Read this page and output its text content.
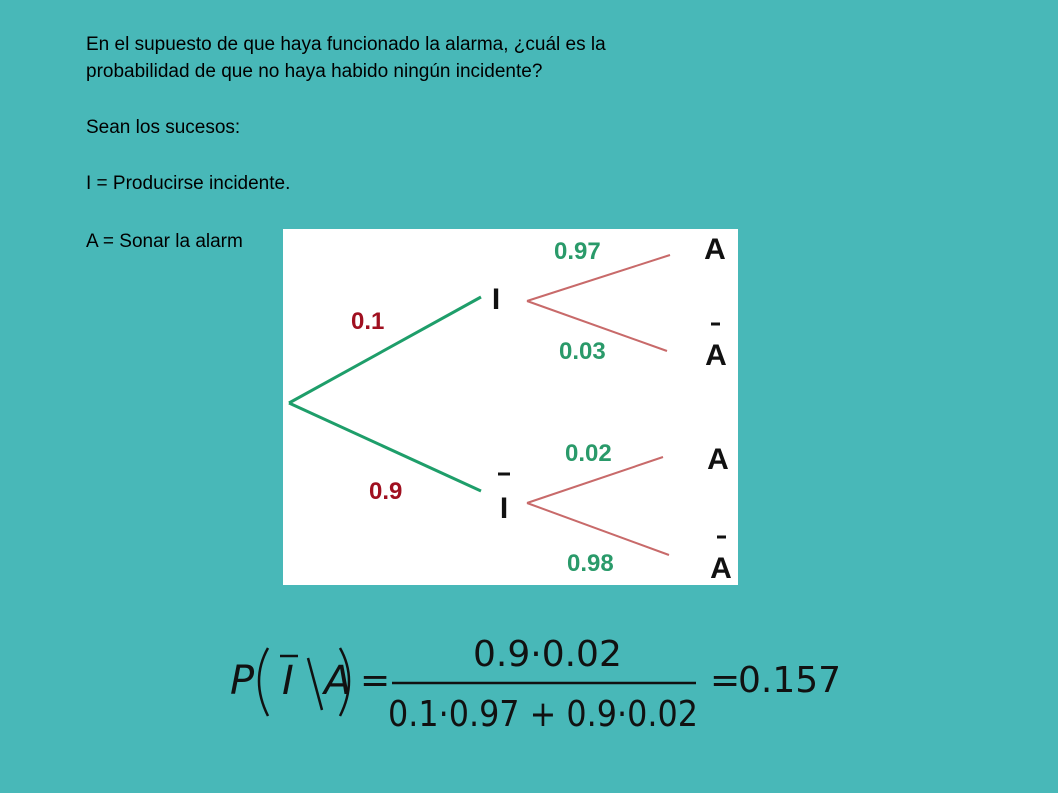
En el supuesto de que haya funcionado la alarma, ¿cuál es la

probabilidad de que no haya habido ningún incidente?

Sean los sucesos:

I = Producirse incidente.

A = Sonar la alarm

0.1
0.9
I
I
0.97
0.03
0.02
0.98
A
A
A
A
P I A =
0.9·0.02
0.1·0.97 + 0.9·0.02
=
0.157
